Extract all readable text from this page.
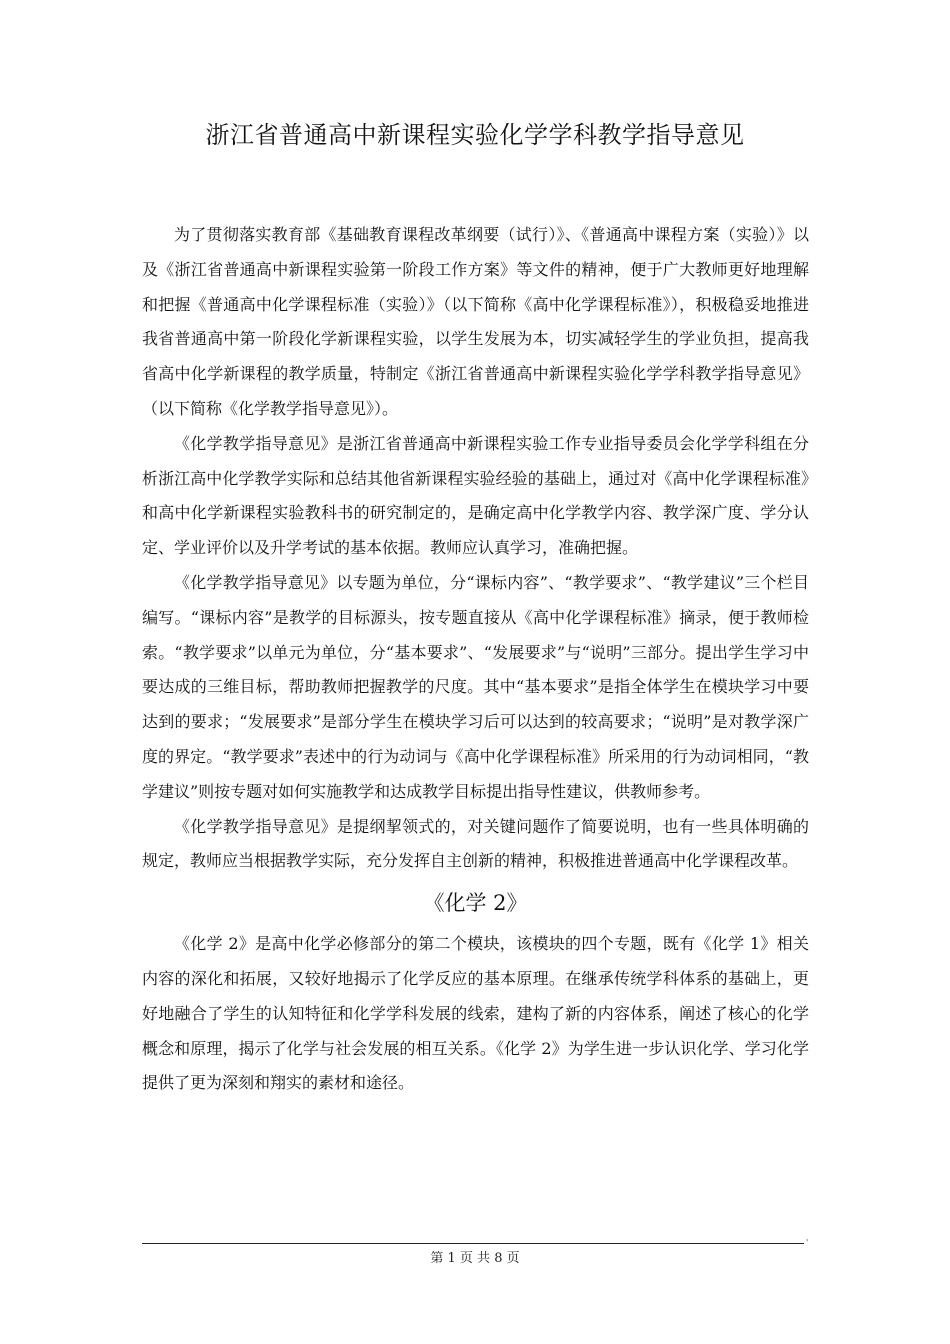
浙江省普通高中新课程实验化学学科教学指导意见

为了贯彻落实教育部《基础教育课程改革纲要（试行）》、《普通高中课程方案（实验）》以及《浙江省普通高中新课程实验第一阶段工作方案》等文件的精神，便于广大教师更好地理解和把握《普通高中化学课程标准（实验）》（以下简称《高中化学课程标准》），积极稳妥地推进我省普通高中第一阶段化学新课程实验，以学生发展为本，切实减轻学生的学业负担，提高我省高中化学新课程的教学质量，特制定《浙江省普通高中新课程实验化学学科教学指导意见》（以下简称《化学教学指导意见》）。

《化学教学指导意见》是浙江省普通高中新课程实验工作专业指导委员会化学学科组在分析浙江高中化学教学实际和总结其他省新课程实验经验的基础上，通过对《高中化学课程标准》和高中化学新课程实验教科书的研究制定的，是确定高中化学教学内容、教学深广度、学分认定、学业评价以及升学考试的基本依据。教师应认真学习，准确把握。

《化学教学指导意见》以专题为单位，分“课标内容”、“教学要求”、“教学建议”三个栏目编写。“课标内容”是教学的目标源头，按专题直接从《高中化学课程标准》摘录，便于教师检索。“教学要求”以单元为单位，分“基本要求”、“发展要求”与“说明”三部分。提出学生学习中要达成的三维目标，帮助教师把握教学的尺度。其中“基本要求”是指全体学生在模块学习中要达到的要求；“发展要求”是部分学生在模块学习后可以达到的较高要求；“说明”是对教学深广度的界定。“教学要求”表述中的行为动词与《高中化学课程标准》所采用的行为动词相同，“教学建议”则按专题对如何实施教学和达成教学目标提出指导性建议，供教师参考。

《化学教学指导意见》是提纲挈领式的，对关键问题作了简要说明，也有一些具体明确的规定，教师应当根据教学实际，充分发挥自主创新的精神，积极推进普通高中化学课程改革。

《化学 2》

《化学 2》是高中化学必修部分的第二个模块，该模块的四个专题，既有《化学 1》相关内容的深化和拓展，又较好地揭示了化学反应的基本原理。在继承传统学科体系的基础上，更好地融合了学生的认知特征和化学学科发展的线索，建构了新的内容体系，阐述了核心的化学概念和原理，揭示了化学与社会发展的相互关系。《化学 2》为学生进一步认识化学、学习化学提供了更为深刻和翔实的素材和途径。

'
第 1 页 共 8 页
